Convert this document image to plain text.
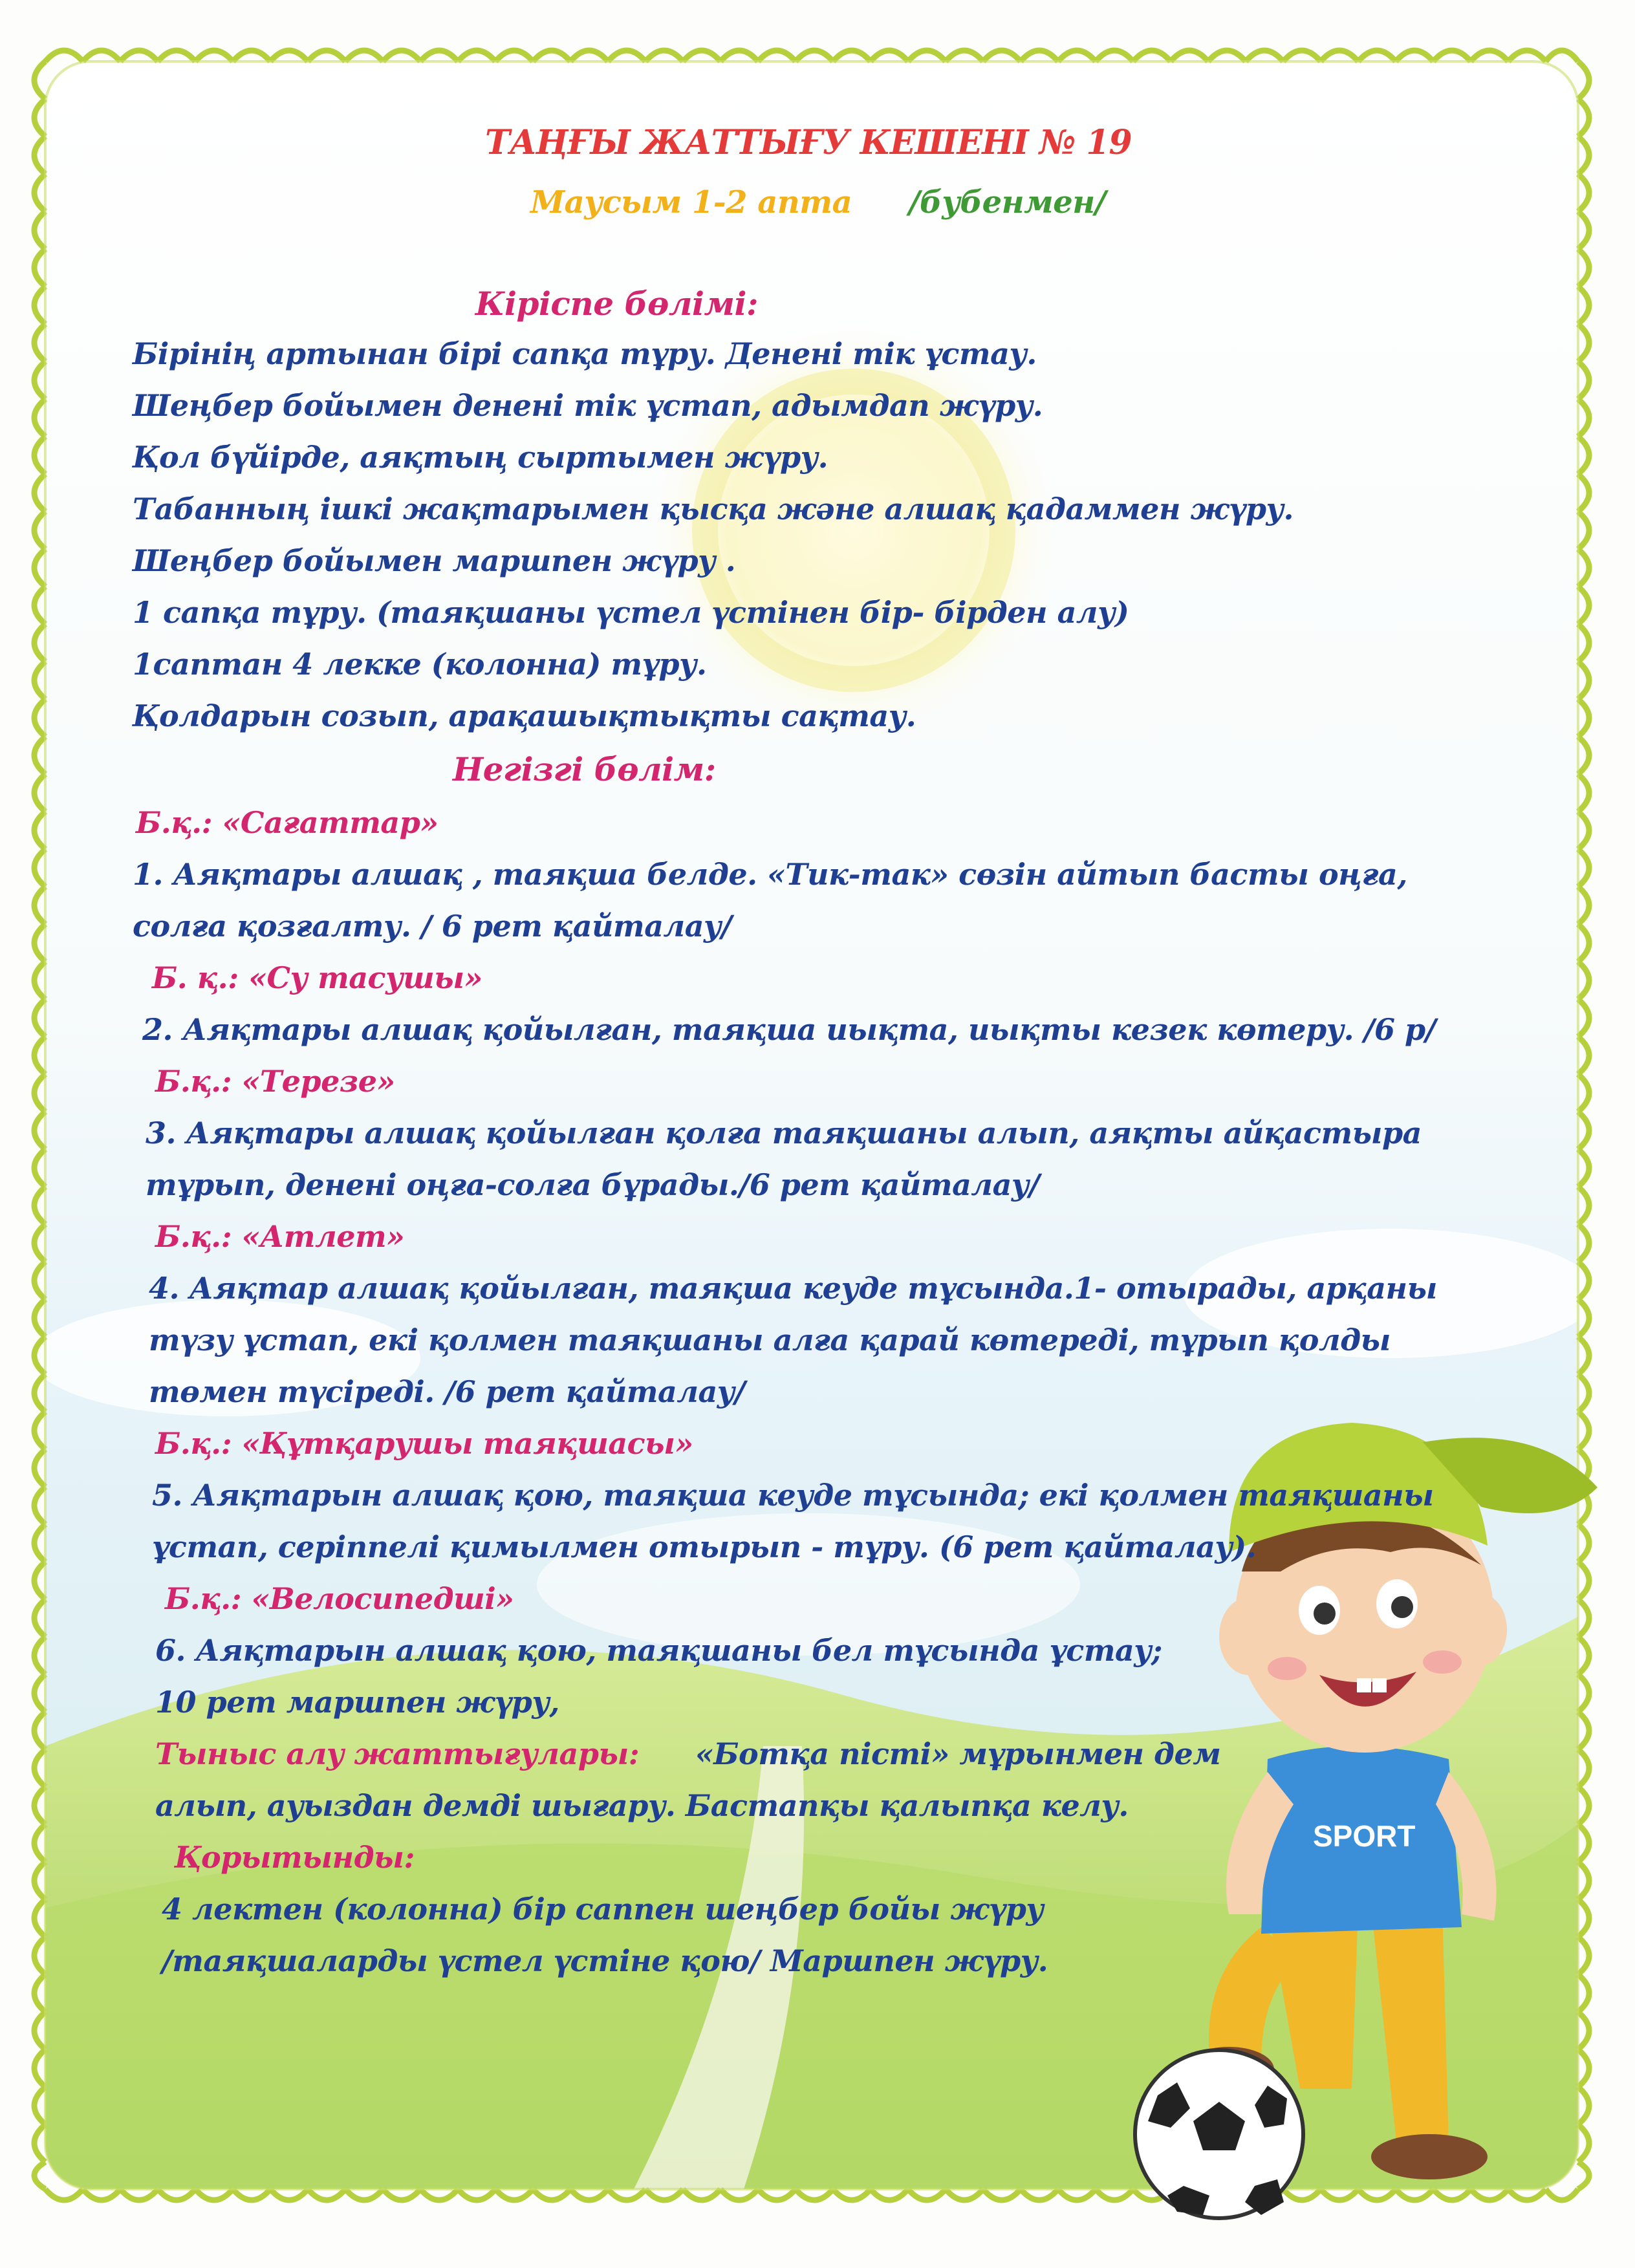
SPORT
ТАҢҒЫ ЖАТТЫҒУ КЕШЕНІ № 19
Маусым 1-2 апта /бубенмен/
Кіріспе бөлімі:
Бірінің артынан бірі сапқа тұру. Денені тік ұстау.
Шеңбер бойымен денені тік ұстап, адымдап жүру.
Қол бүйірде, аяқтың сыртымен жүру.
Табанның ішкі жақтарымен қысқа және алшақ қадаммен жүру.
Шеңбер бойымен маршпен жүру .
1 сапқа тұру. (таяқшаны үстел үстінен бір- бірден алу)
1саптан 4 лекке (колонна) тұру.
Қолдарын созып, арақашықтықты сақтау.
Негізгі бөлім:
Б.қ.: «Сағаттар»
1. Аяқтары алшақ , таяқша белде. «Тик-так» сөзін айтып басты оңға,
солға қозғалту. / 6 рет қайталау/
Б. қ.: «Су тасушы»
2. Аяқтары алшақ қойылған, таяқша иықта, иықты кезек көтеру. /6 р/
Б.қ.: «Терезе»
3. Аяқтары алшақ қойылған қолға таяқшаны алып, аяқты айқастыра
тұрып, денені оңға-солға бұрады./6 рет қайталау/
Б.қ.: «Атлет»
4. Аяқтар алшақ қойылған, таяқша кеуде тұсында.1- отырады, арқаны
түзу ұстап, екі қолмен таяқшаны алға қарай көтереді, тұрып қолды
төмен түсіреді. /6 рет қайталау/
Б.қ.: «Құтқарушы таяқшасы»
5. Аяқтарын алшақ қою, таяқша кеуде тұсында; екі қолмен таяқшаны
ұстап, серіппелі қимылмен отырып - тұру. (6 рет қайталау).
Б.қ.: «Велосипедші»
6. Аяқтарын алшақ қою, таяқшаны бел тұсында ұстау;
10 рет маршпен жүру,
Тыныс алу жаттығулары: «Ботқа пісті» мұрынмен дем
алып, ауыздан демді шығару. Бастапқы қалыпқа келу.
Қорытынды:
4 лектен (колонна) бір саппен шеңбер бойы жүру
/таяқшаларды үстел үстіне қою/ Маршпен жүру.
